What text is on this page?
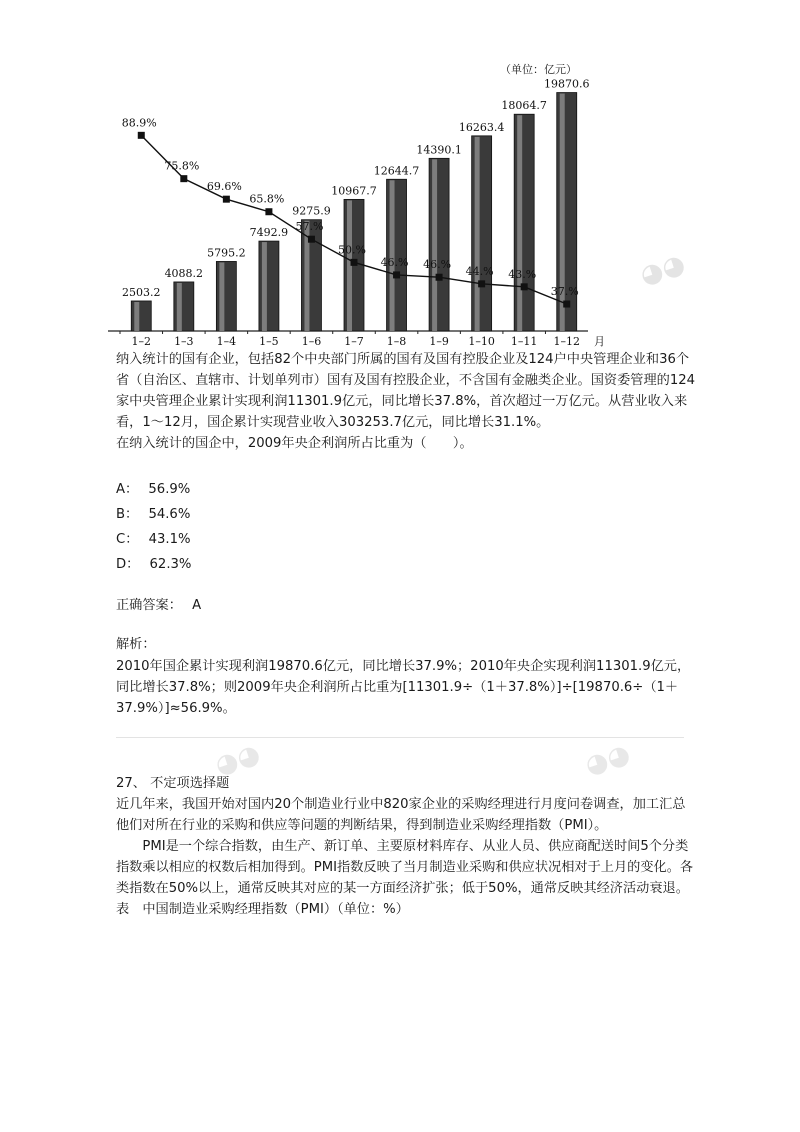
（单位：亿元）
2503.2
1–2
4088.2
1–3
5795.2
1–4
7492.9
1–5
9275.9
1–6
10967.7
1–7
12644.7
1–8
14390.1
1–9
16263.4
1–10
18064.7
1–11
19870.6
1–12 月
88.9%
75.8%
69.6%
65.8%
57.%
50.%
46.% 46.%
44.% 43.%
37.%
◕◕
◕◕	◕◕

纳入统计的国有企业，包括82个中央部门所属的国有及国有控股企业及124户中央管理企业和36个省（自治区、直辖市、计划单列市）国有及国有控股企业，不含国有金融类企业。国资委管理的124家中央管理企业累计实现利润11301.9亿元，同比增长37.8%，首次超过一万亿元。从营业收入来看，1～12月，国企累计实现营业收入303253.7亿元，同比增长31.1%。

在纳入统计的国企中，2009年央企利润所占比重为（　　）。

A： 56.9%
B： 54.6%
C： 43.1%
D： 62.3%
正确答案： A
解析：

2010年国企累计实现利润19870.6亿元，同比增长37.9%；2010年央企实现利润11301.9亿元，同比增长37.8%；则2009年央企利润所占比重为[11301.9÷（1＋37.8%）]÷[19870.6÷（1＋37.9%）]≈56.9%。

27、 不定项选择题

近几年来，我国开始对国内20个制造业行业中820家企业的采购经理进行月度问卷调查，加工汇总他们对所在行业的采购和供应等问题的判断结果，得到制造业采购经理指数（PMI）。

PMI是一个综合指数，由生产、新订单、主要原材料库存、从业人员、供应商配送时间5个分类指数乘以相应的权数后相加得到。PMI指数反映了当月制造业采购和供应状况相对于上月的变化。各类指数在50%以上，通常反映其对应的某一方面经济扩张；低于50%，通常反映其经济活动衰退。

表　中国制造业采购经理指数（PMI）（单位：%）
